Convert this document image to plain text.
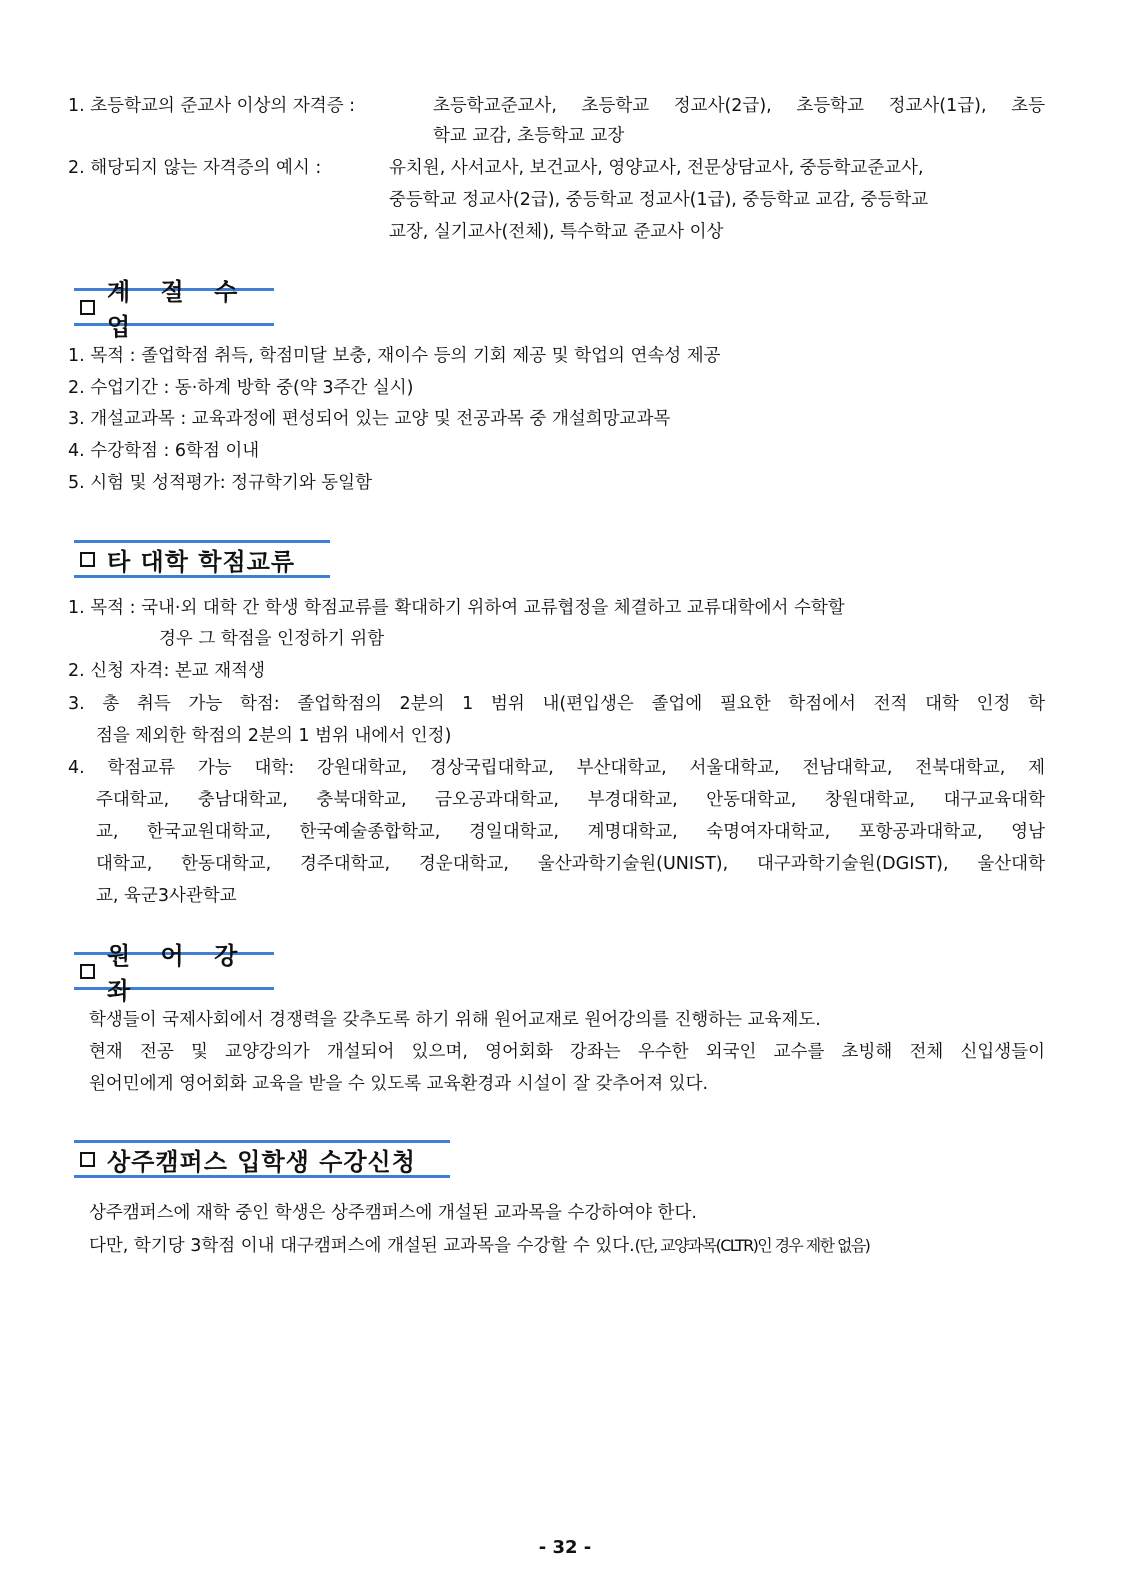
1. 초등학교의 준교사 이상의 자격증 :	초등학교준교사, 초등학교 정교사(2급), 초등학교 정교사(1급), 초등
학교 교감, 초등학교 교장
2. 해당되지 않는 자격증의 예시 :	유치원, 사서교사, 보건교사, 영양교사, 전문상담교사, 중등학교준교사,
중등학교 정교사(2급), 중등학교 정교사(1급), 중등학교 교감, 중등학교
교장, 실기교사(전체), 특수학교 준교사 이상
계 절 수 업
1. 목적 : 졸업학점 취득, 학점미달 보충, 재이수 등의 기회 제공 및 학업의 연속성 제공
2. 수업기간 : 동·하계 방학 중(약 3주간 실시)
3. 개설교과목 : 교육과정에 편성되어 있는 교양 및 전공과목 중 개설희망교과목
4. 수강학점 : 6학점 이내
5. 시험 및 성적평가: 정규학기와 동일함
타 대학 학점교류
1. 목적 : 국내·외 대학 간 학생 학점교류를 확대하기 위하여 교류협정을 체결하고 교류대학에서 수학할
경우 그 학점을 인정하기 위함
2. 신청 자격: 본교 재적생
3. 총 취득 가능 학점: 졸업학점의 2분의 1 범위 내(편입생은 졸업에 필요한 학점에서 전적 대학 인정 학
점을 제외한 학점의 2분의 1 범위 내에서 인정)
4. 학점교류 가능 대학: 강원대학교, 경상국립대학교, 부산대학교, 서울대학교, 전남대학교, 전북대학교, 제
주대학교, 충남대학교, 충북대학교, 금오공과대학교, 부경대학교, 안동대학교, 창원대학교, 대구교육대학
교, 한국교원대학교, 한국예술종합학교, 경일대학교, 계명대학교, 숙명여자대학교, 포항공과대학교, 영남
대학교, 한동대학교, 경주대학교, 경운대학교, 울산과학기술원(UNIST), 대구과학기술원(DGIST), 울산대학
교, 육군3사관학교
원 어 강 좌
학생들이 국제사회에서 경쟁력을 갖추도록 하기 위해 원어교재로 원어강의를 진행하는 교육제도.
현재 전공 및 교양강의가 개설되어 있으며, 영어회화 강좌는 우수한 외국인 교수를 초빙해 전체 신입생들이
원어민에게 영어회화 교육을 받을 수 있도록 교육환경과 시설이 잘 갖추어져 있다.
상주캠퍼스 입학생 수강신청
상주캠퍼스에 재학 중인 학생은 상주캠퍼스에 개설된 교과목을 수강하여야 한다.
다만, 학기당 3학점 이내 대구캠퍼스에 개설된 교과목을 수강할 수 있다.(단, 교양과목(CLTR)인 경우 제한 없음)
- 32 -
